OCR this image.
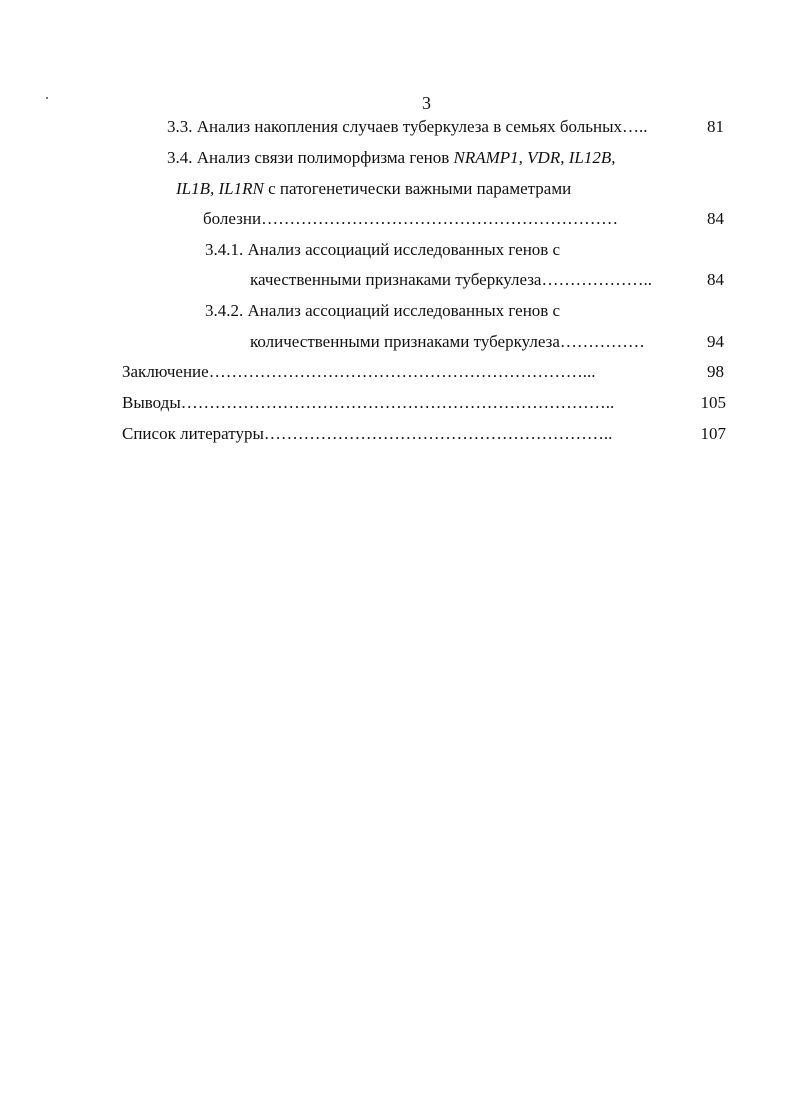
3
3.3. Анализ накопления случаев туберкулеза в семьях больных…..	81
3.4. Анализ связи полиморфизма генов NRAMP1, VDR, IL12B,
IL1B, IL1RN с патогенетически важными параметрами
болезни………………………………………………………	84
3.4.1. Анализ ассоциаций исследованных генов с
качественными признаками туберкулеза………………..	84
3.4.2. Анализ ассоциаций исследованных генов с
количественными признаками туберкулеза……………	94
Заключение…………………………………………………………...	98
Выводы…………………………………………………………………..	105
Список литературы……………………………………………………..	107
